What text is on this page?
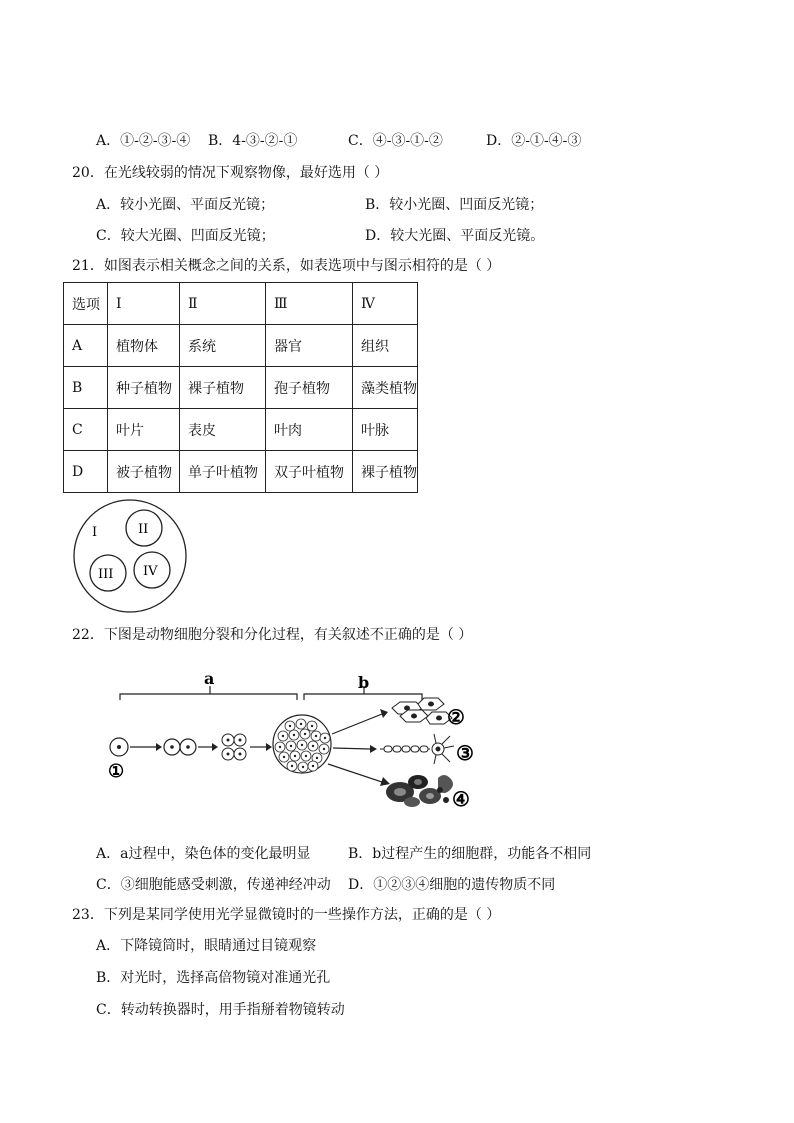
A．①-②-③-④ B．4-③-②-①	C．④-③-①-②	D．②-①-④-③
20．在光线较弱的情况下观察物像，最好选用（ ）
A．较小光圈、平面反光镜；	B．较小光圈、凹面反光镜；
C．较大光圈、凹面反光镜；	D．较大光圈、平面反光镜。
21．如图表示相关概念之间的关系，如表选项中与图示相符的是（ ）
选项	Ⅰ	Ⅱ	Ⅲ	Ⅳ
A	植物体	系统	器官	组织
B	种子植物	裸子植物	孢子植物	藻类植物
C	叶片	表皮	叶肉	叶脉
D	被子植物	单子叶植物	双子叶植物	裸子植物
I	II
III IV
22．下图是动物细胞分裂和分化过程，有关叙述不正确的是（ ）
a	b
①
②
③
④
A．a过程中，染色体的变化最明显	B．b过程产生的细胞群，功能各不相同
C．③细胞能感受刺激，传递神经冲动 D．①②③④细胞的遗传物质不同
23．下列是某同学使用光学显微镜时的一些操作方法，正确的是（ ）
A．下降镜筒时，眼睛通过目镜观察
B．对光时，选择高倍物镜对准通光孔
C．转动转换器时，用手指掰着物镜转动
